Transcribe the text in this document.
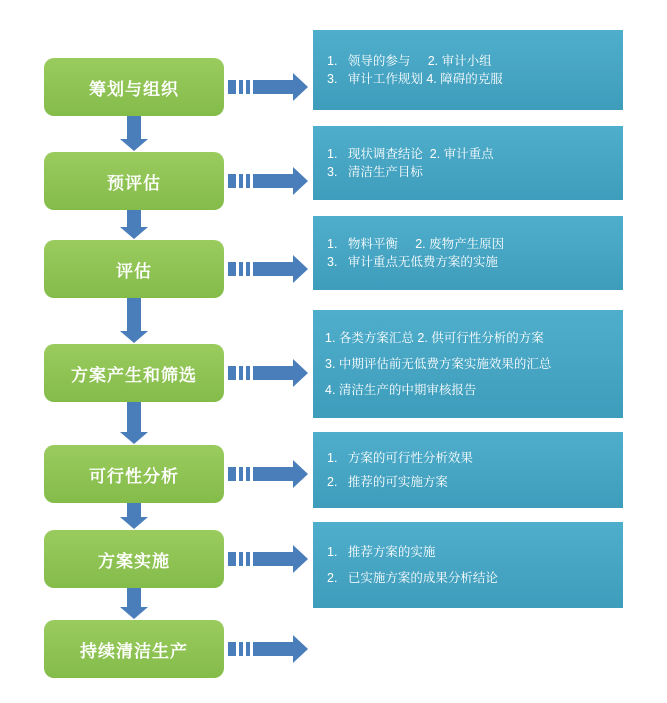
筹划与组织
预评估
评估
方案产生和筛选
可行性分析
方案实施
持续清洁生产
1.   领导的参与     2. 审计小组
3.   审计工作规划 4. 障碍的克服
1.   现状调查结论  2. 审计重点
3.   清洁生产目标
1.   物料平衡     2. 废物产生原因
3.   审计重点无低费方案的实施
1. 各类方案汇总 2. 供可行性分析的方案
3. 中期评估前无低费方案实施效果的汇总
4. 清洁生产的中期审核报告
1.   方案的可行性分析效果
2.   推荐的可实施方案
1.   推荐方案的实施
2.   已实施方案的成果分析结论
